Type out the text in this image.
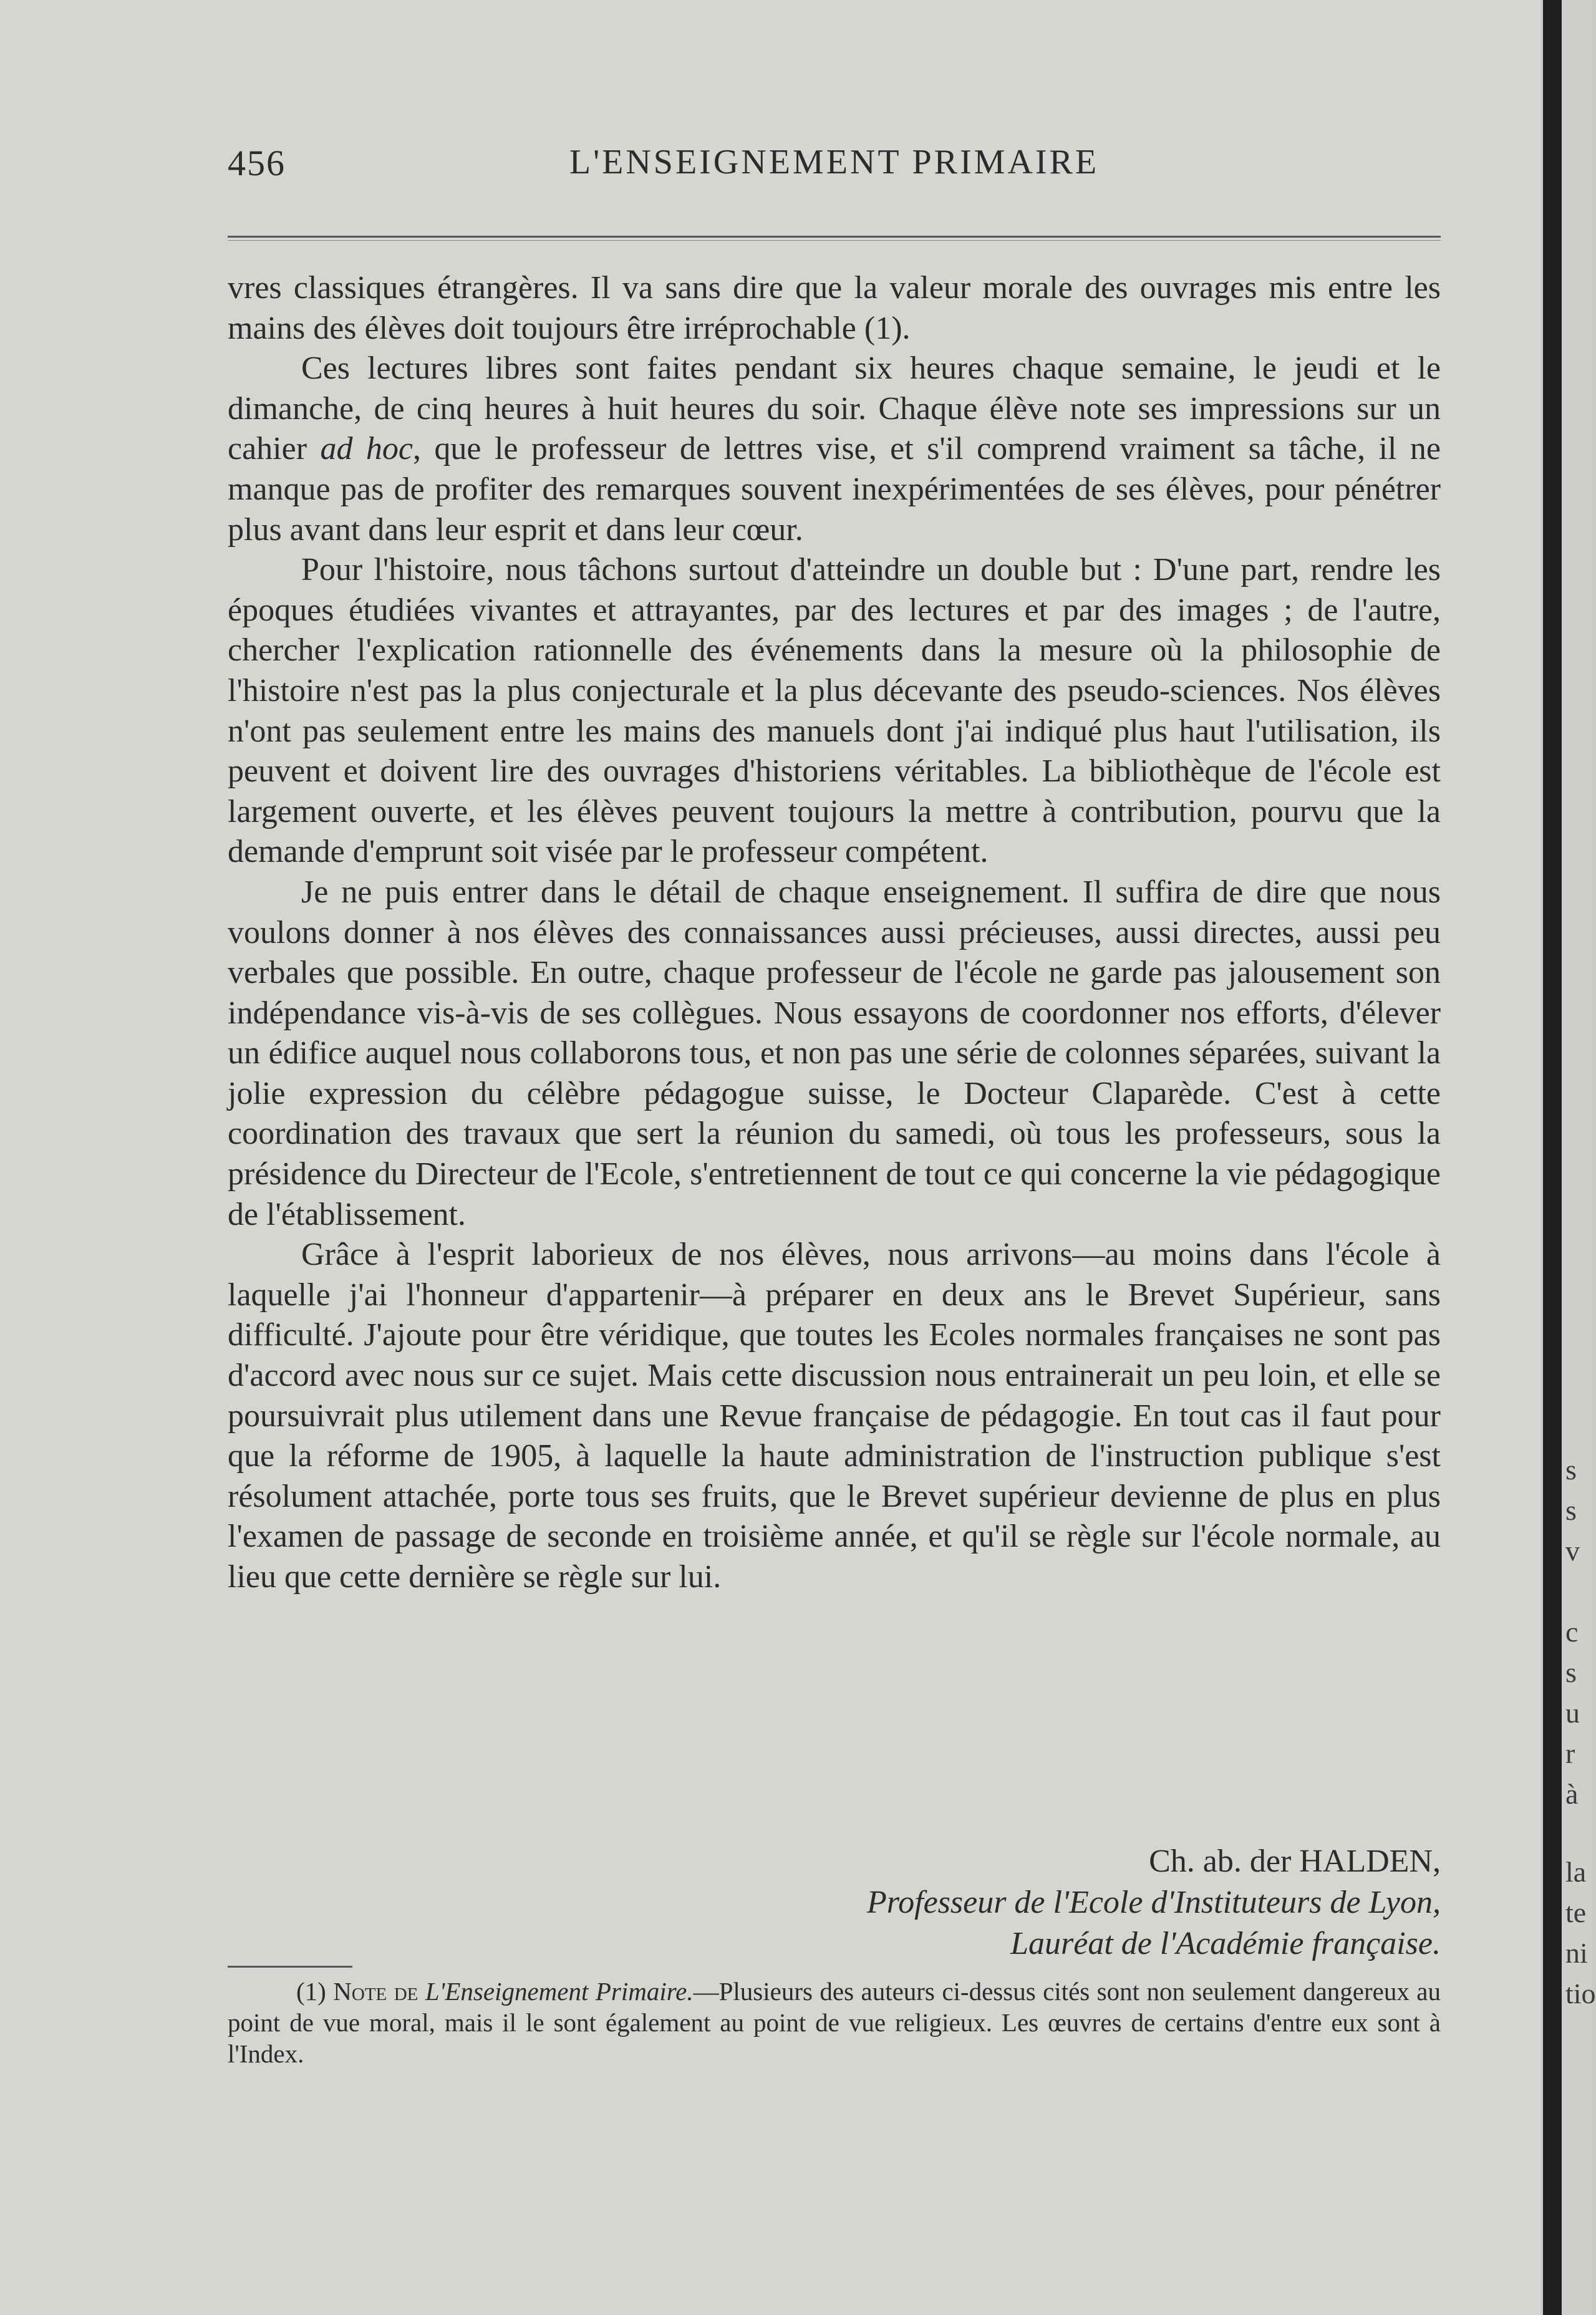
456	L'ENSEIGNEMENT PRIMAIRE

vres classiques étrangères. Il va sans dire que la valeur morale des ouvrages mis entre les mains des élèves doit toujours être irréprochable (1).

Ces lectures libres sont faites pendant six heures chaque semaine, le jeudi et le dimanche, de cinq heures à huit heures du soir. Chaque élève note ses impressions sur un cahier ad hoc, que le professeur de lettres vise, et s'il comprend vraiment sa tâche, il ne manque pas de profiter des remarques souvent inexpérimentées de ses élèves, pour pénétrer plus avant dans leur esprit et dans leur cœur.

Pour l'histoire, nous tâchons surtout d'atteindre un double but : D'une part, rendre les époques étudiées vivantes et attrayantes, par des lectures et par des images ; de l'autre, chercher l'explication rationnelle des événements dans la mesure où la philosophie de l'histoire n'est pas la plus conjecturale et la plus décevante des pseudo-sciences. Nos élèves n'ont pas seulement entre les mains des manuels dont j'ai indiqué plus haut l'utilisation, ils peuvent et doivent lire des ouvrages d'historiens véritables. La bibliothèque de l'école est largement ouverte, et les élèves peuvent toujours la mettre à contribution, pourvu que la demande d'emprunt soit visée par le professeur compétent.

Je ne puis entrer dans le détail de chaque enseignement. Il suffira de dire que nous voulons donner à nos élèves des connaissances aussi précieuses, aussi directes, aussi peu verbales que possible. En outre, chaque professeur de l'école ne garde pas jalousement son indépendance vis-à-vis de ses collègues. Nous essayons de coordonner nos efforts, d'élever un édifice auquel nous collaborons tous, et non pas une série de colonnes séparées, suivant la jolie expression du célèbre pédagogue suisse, le Docteur Claparède. C'est à cette coordination des travaux que sert la réunion du samedi, où tous les professeurs, sous la présidence du Directeur de l'Ecole, s'entretiennent de tout ce qui concerne la vie pédagogique de l'établissement.

Grâce à l'esprit laborieux de nos élèves, nous arrivons—au moins dans l'école à laquelle j'ai l'honneur d'appartenir—à préparer en deux ans le Brevet Supérieur, sans difficulté. J'ajoute pour être véridique, que toutes les Ecoles normales françaises ne sont pas d'accord avec nous sur ce sujet. Mais cette discussion nous entrainerait un peu loin, et elle se poursuivrait plus utilement dans une Revue française de pédagogie. En tout cas il faut pour que la réforme de 1905, à laquelle la haute administration de l'instruction publique s'est résolument attachée, porte tous ses fruits, que le Brevet supérieur devienne de plus en plus l'examen de passage de seconde en troisième année, et qu'il se règle sur l'école normale, au lieu que cette dernière se règle sur lui.

Ch. ab. der HALDEN,
Professeur de l'Ecole d'Instituteurs de Lyon,
Lauréat de l'Académie française.
(1) Note de L'Enseignement Primaire.—Plusieurs des auteurs ci-dessus cités sont non seulement dangereux au point de vue moral, mais il le sont également au point de vue religieux. Les œuvres de certains d'entre eux sont à l'Index.
s
s
v
c
s
u
r
à
la
te
ni
tio
